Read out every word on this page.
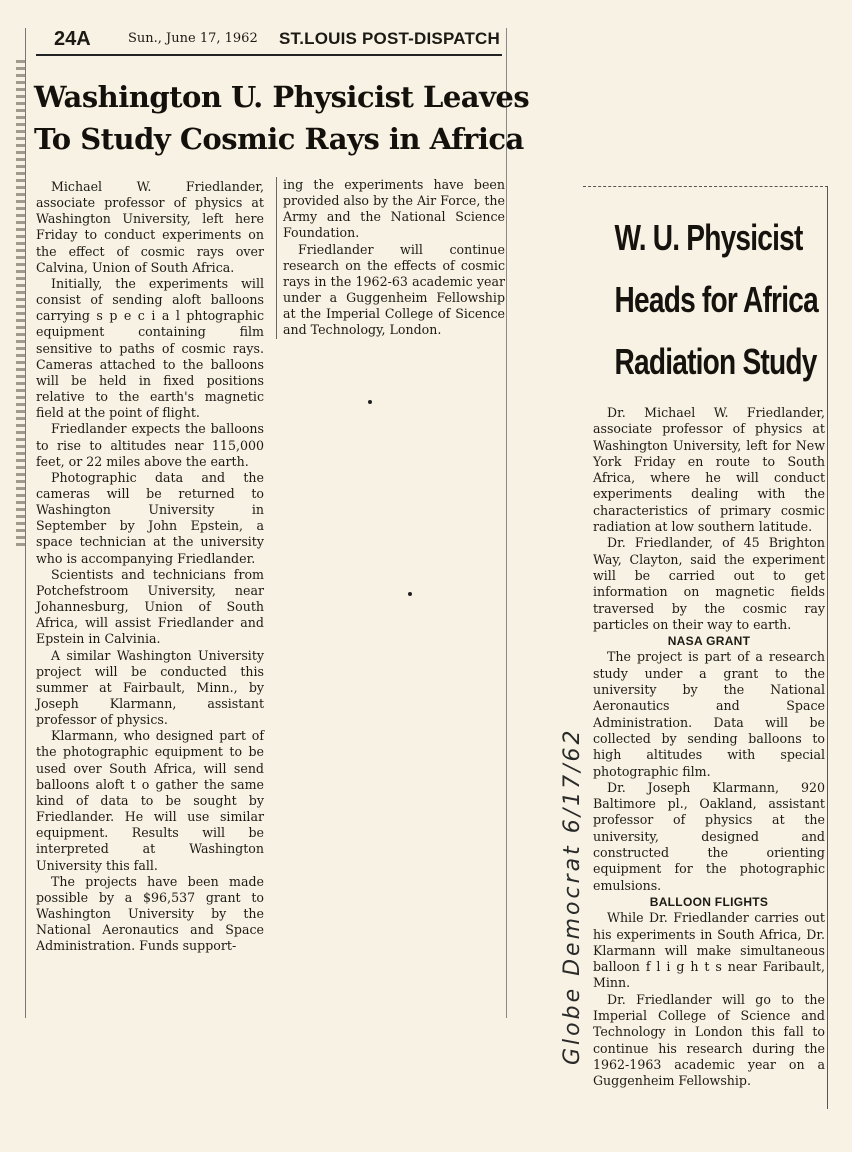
24A	Sun., June 17, 1962 ST.LOUIS POST-DISPATCH
Washington U. Physicist Leaves
To Study Cosmic Rays in Africa

Michael W. Friedlander, associate professor of physics at Washington University, left here Friday to conduct experiments on the effect of cosmic rays over Calvina, Union of South Africa.

Initially, the experiments will consist of sending aloft balloons carrying s p e c i a l phtographic equipment containing film sensitive to paths of cosmic rays. Cameras attached to the balloons will be held in fixed positions relative to the earth's magnetic field at the point of flight.

Friedlander expects the balloons to rise to altitudes near 115,000 feet, or 22 miles above the earth.

Photographic data and the cameras will be returned to Washington University in September by John Epstein, a space technician at the university who is accompanying Friedlander.

Scientists and technicians from Potchefstroom University, near Johannesburg, Union of South Africa, will assist Friedlander and Epstein in Calvinia.

A similar Washington University project will be conducted this summer at Fairbault, Minn., by Joseph Klarmann, assistant professor of physics.

Klarmann, who designed part of the photographic equipment to be used over South Africa, will send balloons aloft t o gather the same kind of data to be sought by Friedlander. He will use similar equipment. Results will be interpreted at Washington University this fall.

The projects have been made possible by a $96,537 grant to Washington University by the National Aeronautics and Space Administration. Funds support-

ing the experiments have been provided also by the Air Force, the Army and the National Science Foundation.

Friedlander will continue research on the effects of cosmic rays in the 1962-63 academic year under a Guggenheim Fellowship at the Imperial College of Sicence and Technology, London.

W. U. Physicist
Heads for Africa
Radiation Study

Dr. Michael W. Friedlander, associate professor of physics at Washington University, left for New York Friday en route to South Africa, where he will conduct experiments dealing with the characteristics of primary cosmic radiation at low southern latitude.

Dr. Friedlander, of 45 Brighton Way, Clayton, said the experiment will be carried out to get information on magnetic fields traversed by the cosmic ray particles on their way to earth.

NASA GRANT

The project is part of a research study under a grant to the university by the National Aeronautics and Space Administration. Data will be collected by sending balloons to high altitudes with special photographic film.

Dr. Joseph Klarmann, 920 Baltimore pl., Oakland, assistant professor of physics at the university, designed and constructed the orienting equipment for the photographic emulsions.

BALLOON FLIGHTS

While Dr. Friedlander carries out his experiments in South Africa, Dr. Klarmann will make simultaneous balloon f l i g h t s near Faribault, Minn.

Dr. Friedlander will go to the Imperial College of Science and Technology in London this fall to continue his research during the 1962-1963 academic year on a Guggenheim Fellowship.

Globe Democrat 6/17/62
